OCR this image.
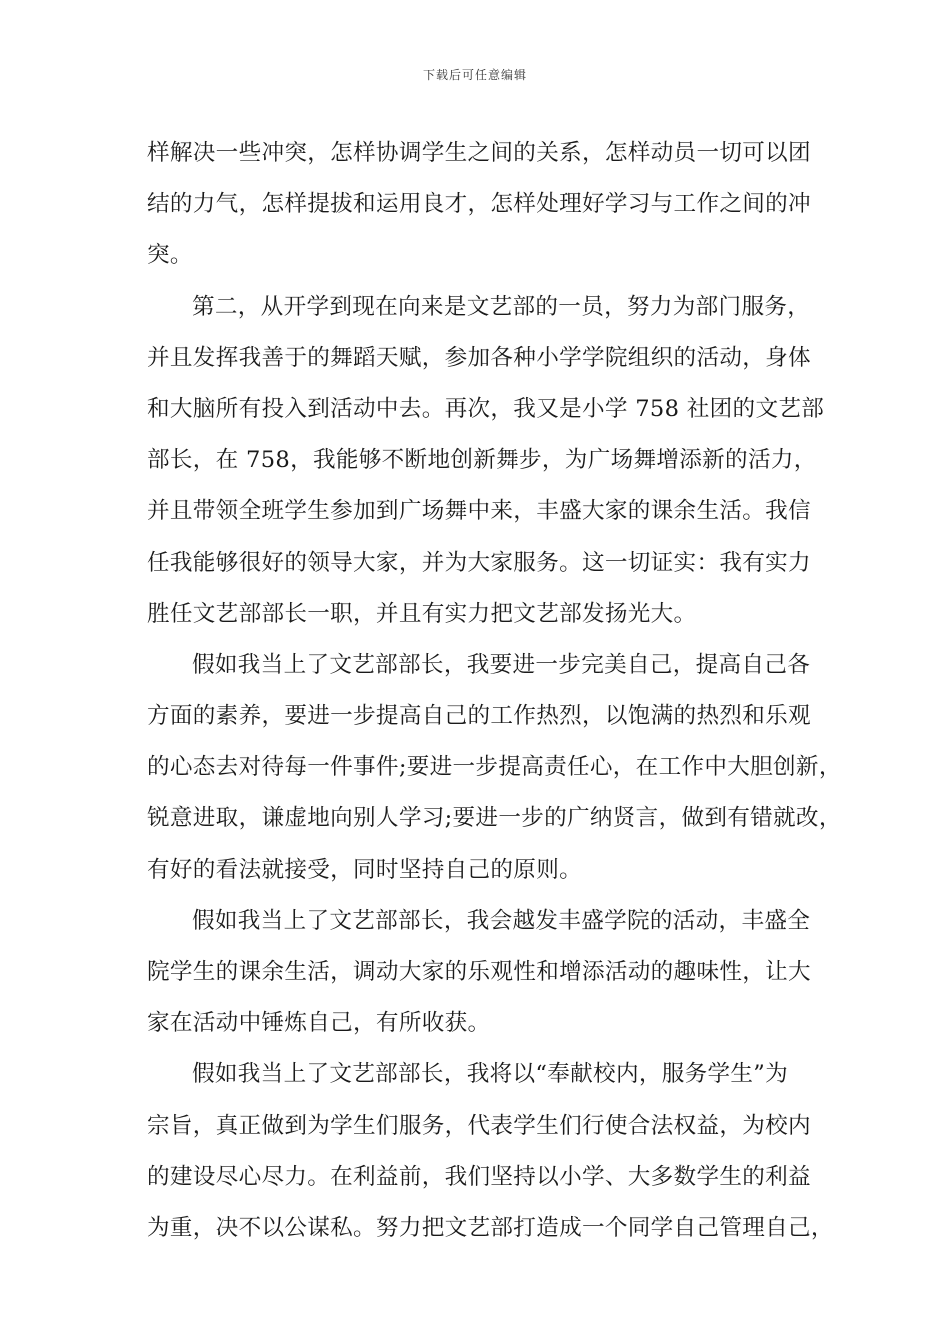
下载后可任意编辑
样解决一些冲突，怎样协调学生之间的关系，怎样动员一切可以团
结的力气，怎样提拔和运用良才，怎样处理好学习与工作之间的冲
突。
第二，从开学到现在向来是文艺部的一员，努力为部门服务，
并且发挥我善于的舞蹈天赋，参加各种小学学院组织的活动，身体
和大脑所有投入到活动中去。再次，我又是小学 758 社团的文艺部
部长，在 758，我能够不断地创新舞步，为广场舞增添新的活力，
并且带领全班学生参加到广场舞中来，丰盛大家的课余生活。我信
任我能够很好的领导大家，并为大家服务。这一切证实：我有实力
胜任文艺部部长一职，并且有实力把文艺部发扬光大。
假如我当上了文艺部部长，我要进一步完美自己，提高自己各
方面的素养，要进一步提高自己的工作热烈，以饱满的热烈和乐观
的心态去对待每一件事件;要进一步提高责任心，在工作中大胆创新，
锐意进取，谦虚地向别人学习;要进一步的广纳贤言，做到有错就改，
有好的看法就接受，同时坚持自己的原则。
假如我当上了文艺部部长，我会越发丰盛学院的活动，丰盛全
院学生的课余生活，调动大家的乐观性和增添活动的趣味性，让大
家在活动中锤炼自己，有所收获。
假如我当上了文艺部部长，我将以“奉献校内，服务学生”为
宗旨，真正做到为学生们服务，代表学生们行使合法权益，为校内
的建设尽心尽力。在利益前，我们坚持以小学、大多数学生的利益
为重，决不以公谋私。努力把文艺部打造成一个同学自己管理自己，
